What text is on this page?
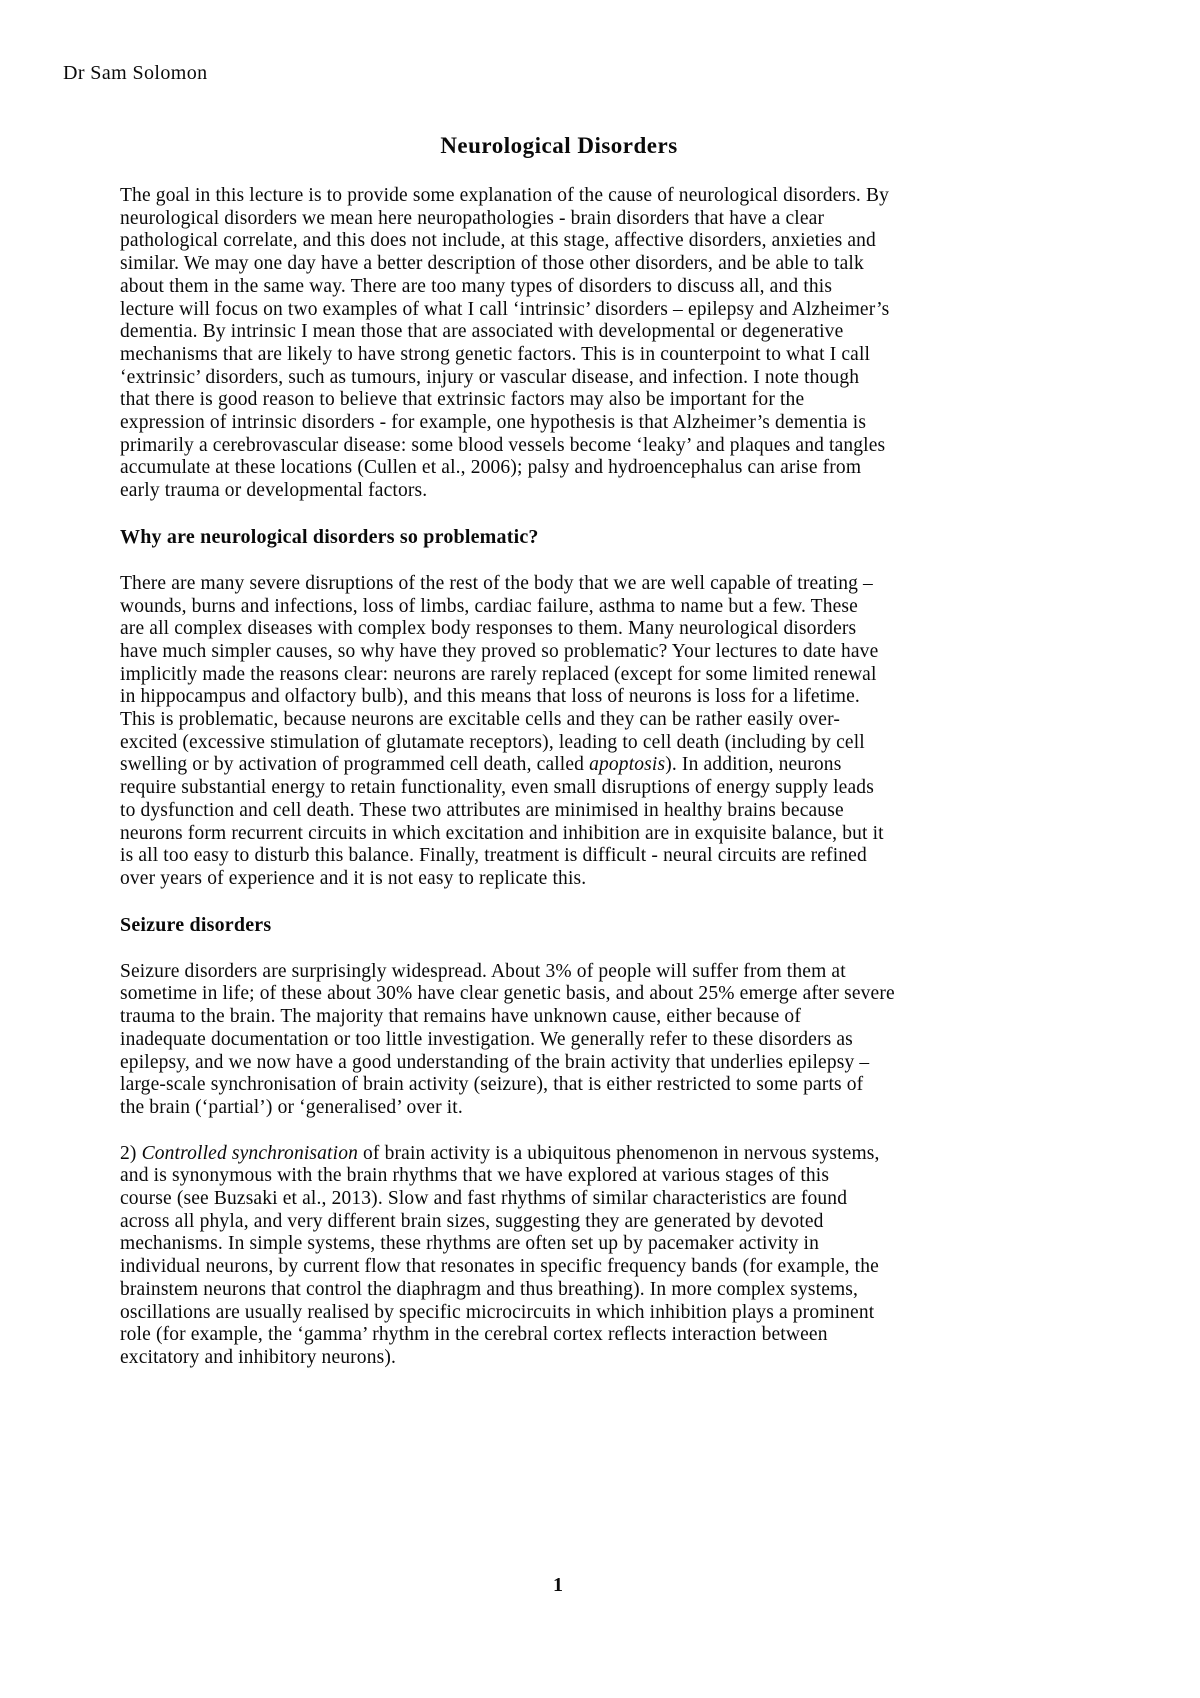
Dr Sam Solomon
Neurological Disorders

The goal in this lecture is to provide some explanation of the cause of neurological disorders. By
neurological disorders we mean here neuropathologies - brain disorders that have a clear
pathological correlate, and this does not include, at this stage, affective disorders, anxieties and
similar. We may one day have a better description of those other disorders, and be able to talk
about them in the same way. There are too many types of disorders to discuss all, and this
lecture will focus on two examples of what I call ‘intrinsic’ disorders – epilepsy and Alzheimer’s
dementia. By intrinsic I mean those that are associated with developmental or degenerative
mechanisms that are likely to have strong genetic factors. This is in counterpoint to what I call
‘extrinsic’ disorders, such as tumours, injury or vascular disease, and infection. I note though
that there is good reason to believe that extrinsic factors may also be important for the
expression of intrinsic disorders - for example, one hypothesis is that Alzheimer’s dementia is
primarily a cerebrovascular disease: some blood vessels become ‘leaky’ and plaques and tangles
accumulate at these locations (Cullen et al., 2006); palsy and hydroencephalus can arise from
early trauma or developmental factors.

Why are neurological disorders so problematic?

There are many severe disruptions of the rest of the body that we are well capable of treating –
wounds, burns and infections, loss of limbs, cardiac failure, asthma to name but a few. These
are all complex diseases with complex body responses to them. Many neurological disorders
have much simpler causes, so why have they proved so problematic? Your lectures to date have
implicitly made the reasons clear: neurons are rarely replaced (except for some limited renewal
in hippocampus and olfactory bulb), and this means that loss of neurons is loss for a lifetime.
This is problematic, because neurons are excitable cells and they can be rather easily over-
excited (excessive stimulation of glutamate receptors), leading to cell death (including by cell
swelling or by activation of programmed cell death, called apoptosis). In addition, neurons
require substantial energy to retain functionality, even small disruptions of energy supply leads
to dysfunction and cell death. These two attributes are minimised in healthy brains because
neurons form recurrent circuits in which excitation and inhibition are in exquisite balance, but it
is all too easy to disturb this balance. Finally, treatment is difficult - neural circuits are refined
over years of experience and it is not easy to replicate this.

Seizure disorders

Seizure disorders are surprisingly widespread. About 3% of people will suffer from them at
sometime in life; of these about 30% have clear genetic basis, and about 25% emerge after severe
trauma to the brain. The majority that remains have unknown cause, either because of
inadequate documentation or too little investigation. We generally refer to these disorders as
epilepsy, and we now have a good understanding of the brain activity that underlies epilepsy –
large-scale synchronisation of brain activity (seizure), that is either restricted to some parts of
the brain (‘partial’) or ‘generalised’ over it.

2) Controlled synchronisation of brain activity is a ubiquitous phenomenon in nervous systems,
and is synonymous with the brain rhythms that we have explored at various stages of this
course (see Buzsaki et al., 2013). Slow and fast rhythms of similar characteristics are found
across all phyla, and very different brain sizes, suggesting they are generated by devoted
mechanisms. In simple systems, these rhythms are often set up by pacemaker activity in
individual neurons, by current flow that resonates in specific frequency bands (for example, the
brainstem neurons that control the diaphragm and thus breathing). In more complex systems,
oscillations are usually realised by specific microcircuits in which inhibition plays a prominent
role (for example, the ‘gamma’ rhythm in the cerebral cortex reflects interaction between
excitatory and inhibitory neurons).

1
